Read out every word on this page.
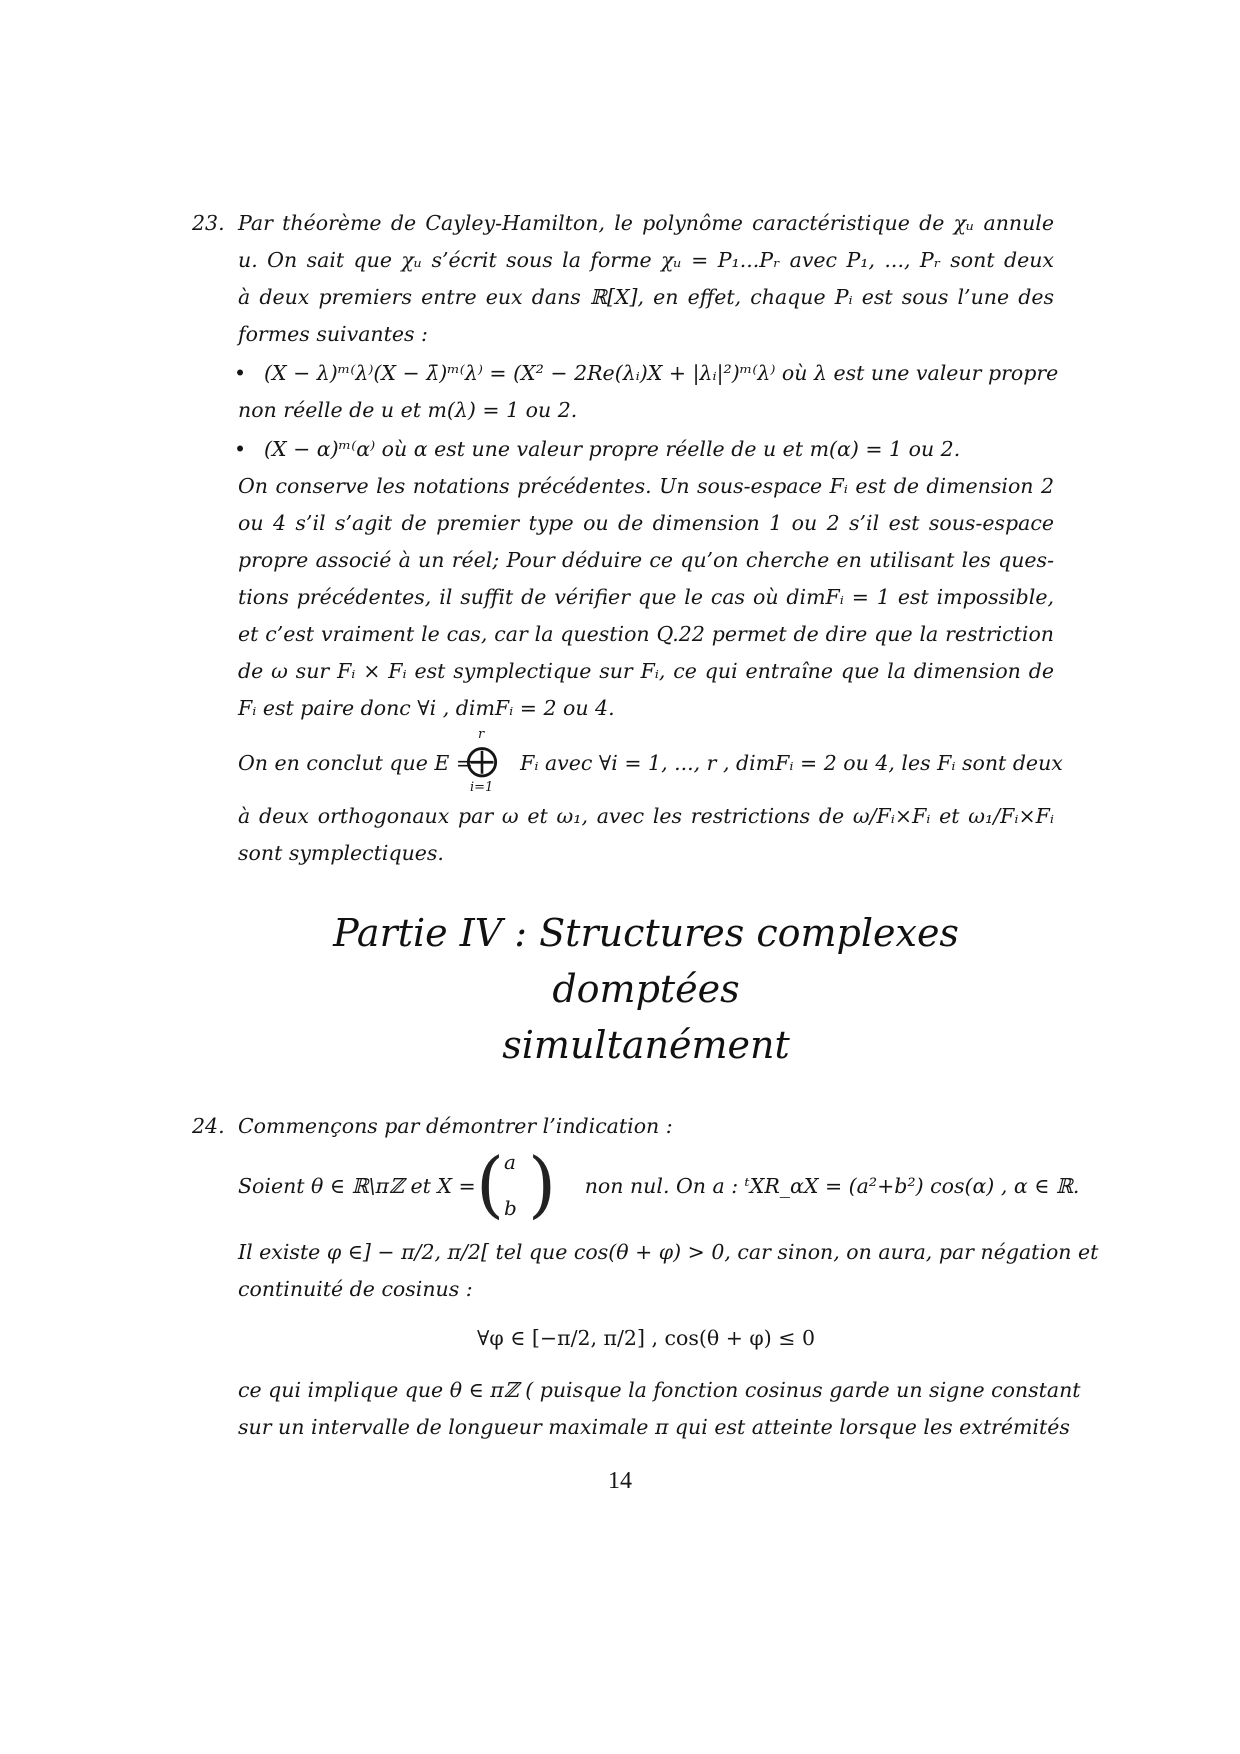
23. Par théorème de Cayley-Hamilton, le polynôme caractéristique de χᵤ annule
u. On sait que χᵤ s’écrit sous la forme χᵤ = P₁...Pᵣ avec P₁, ..., Pᵣ sont deux
à deux premiers entre eux dans ℝ[X], en effet, chaque Pᵢ est sous l’une des
formes suivantes :
• (X − λ)ᵐ⁽λ⁾(X − λ̄)ᵐ⁽λ⁾ = (X² − 2Re(λᵢ)X + |λᵢ|²)ᵐ⁽λ⁾ où λ est une valeur propre
non réelle de u et m(λ) = 1 ou 2.
• (X − α)ᵐ⁽α⁾ où α est une valeur propre réelle de u et m(α) = 1 ou 2.
On conserve les notations précédentes. Un sous-espace Fᵢ est de dimension 2
ou 4 s’il s’agit de premier type ou de dimension 1 ou 2 s’il est sous-espace
propre associé à un réel; Pour déduire ce qu’on cherche en utilisant les ques-
tions précédentes, il suffit de vérifier que le cas où dimFᵢ = 1 est impossible,
et c’est vraiment le cas, car la question Q.22 permet de dire que la restriction
de ω sur Fᵢ × Fᵢ est symplectique sur Fᵢ, ce qui entraîne que la dimension de
Fᵢ est paire donc ∀i , dimFᵢ = 2 ou 4.
On en conclut que E = Fᵢ avec ∀i = 1, ..., r , dimFᵢ = 2 ou 4, les Fᵢ sont deux
r
⨁
i=1
à deux orthogonaux par ω et ω₁, avec les restrictions de ω/Fᵢ×Fᵢ et ω₁/Fᵢ×Fᵢ
sont symplectiques.
Partie IV : Structures complexes domptées
simultanément
24. Commençons par démontrer l’indication :
Soient θ ∈ ℝ\πℤ et X =	non nul. On a : ᵗXR_αX = (a²+b²) cos(α) , α ∈ ℝ.
( a
b )
Il existe φ ∈] − π/2, π/2[ tel que cos(θ + φ) > 0, car sinon, on aura, par négation et
continuité de cosinus :
∀φ ∈ [−π/2, π/2] , cos(θ + φ) ≤ 0
ce qui implique que θ ∈ πℤ ( puisque la fonction cosinus garde un signe constant
sur un intervalle de longueur maximale π qui est atteinte lorsque les extrémités
14
